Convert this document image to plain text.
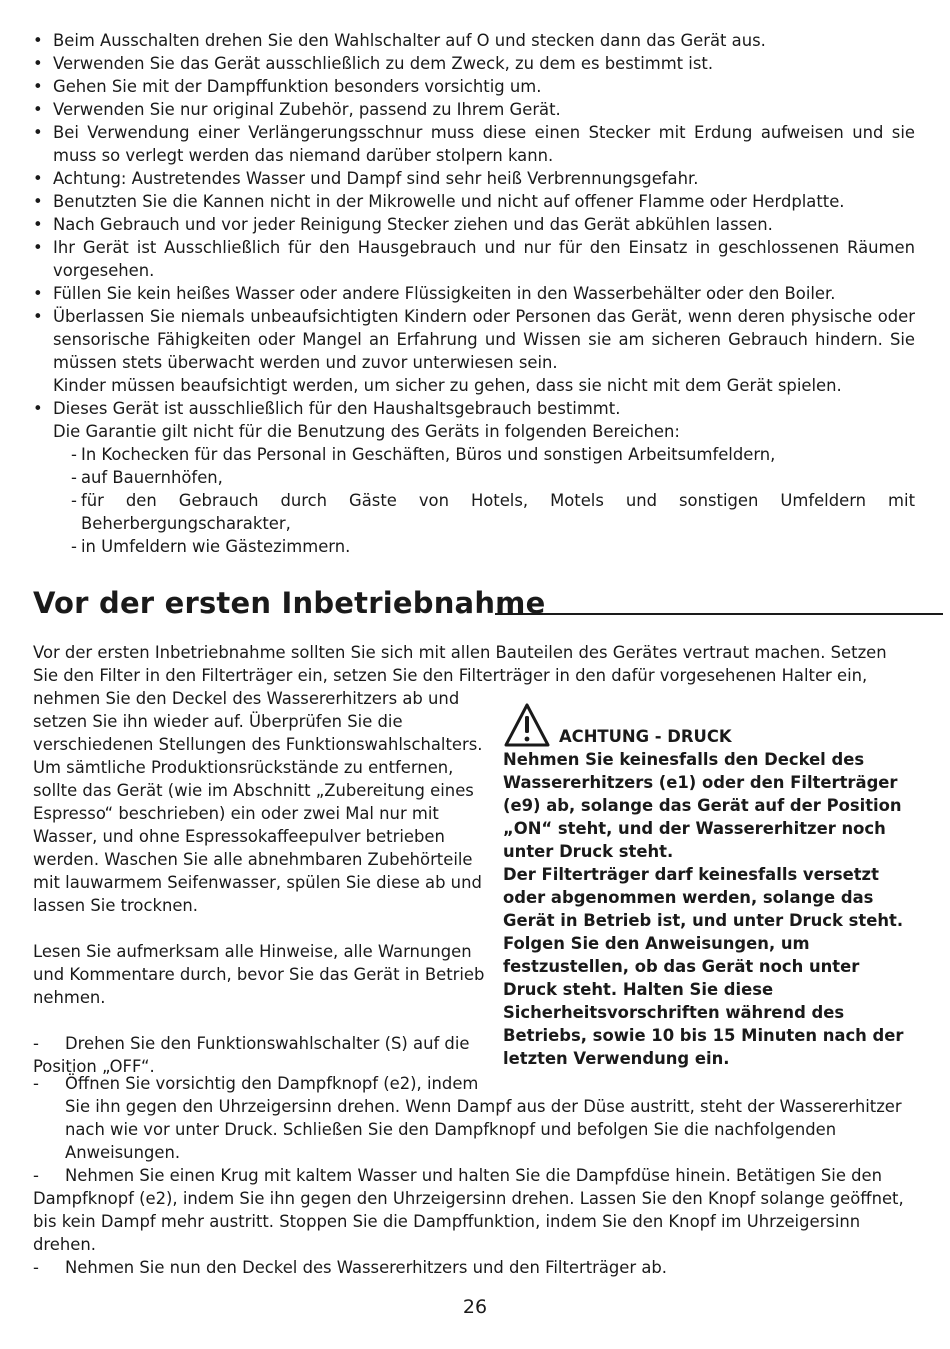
• Beim Ausschalten drehen Sie den Wahlschalter auf O und stecken dann das Gerät aus.
• Verwenden Sie das Gerät ausschließlich zu dem Zweck, zu dem es bestimmt ist.
• Gehen Sie mit der Dampffunktion besonders vorsichtig um.
• Verwenden Sie nur original Zubehör, passend zu Ihrem Gerät.
• Bei Verwendung einer Verlängerungsschnur muss diese einen Stecker mit Erdung aufweisen und sie muss so verlegt werden das niemand darüber stolpern kann.
• Achtung: Austretendes Wasser und Dampf sind sehr heiß Verbrennungsgefahr.
• Benutzten Sie die Kannen nicht in der Mikrowelle und nicht auf offener Flamme oder Herdplatte.
• Nach Gebrauch und vor jeder Reinigung Stecker ziehen und das Gerät abkühlen lassen.
• Ihr Gerät ist Ausschließlich für den Hausgebrauch und nur für den Einsatz in geschlossenen Räumen vorgesehen.
• Füllen Sie kein heißes Wasser oder andere Flüssigkeiten in den Wasserbehälter oder den Boiler.
• Überlassen Sie niemals unbeaufsichtigten Kindern oder Personen das Gerät, wenn deren physische oder sensorische Fähigkeiten oder Mangel an Erfahrung und Wissen sie am sicheren Gebrauch hindern. Sie müssen stets überwacht werden und zuvor unterwiesen sein.
Kinder müssen beaufsichtigt werden, um sicher zu gehen, dass sie nicht mit dem Gerät spielen.
• Dieses Gerät ist ausschließlich für den Haushaltsgebrauch bestimmt.
Die Garantie gilt nicht für die Benutzung des Geräts in folgenden Bereichen:
- In Kochecken für das Personal in Geschäften, Büros und sonstigen Arbeitsumfeldern,
- auf Bauernhöfen,
- für den Gebrauch durch Gäste von Hotels, Motels und sonstigen Umfeldern mit Beherbergungscharakter,
- in Umfeldern wie Gästezimmern.
Vor der ersten Inbetriebnahme
Vor der ersten Inbetriebnahme sollten Sie sich mit allen Bauteilen des Gerätes vertraut machen. Setzen Sie den Filter in den Filterträger ein, setzen Sie den Filterträger in den dafür vorgesehenen Halter ein,
nehmen Sie den Deckel des Wassererhitzers ab und setzen Sie ihn wieder auf. Überprüfen Sie die verschiedenen Stellungen des Funktionswahlschalters. Um sämtliche Produktionsrückstände zu entfernen, sollte das Gerät (wie im Abschnitt „Zubereitung eines Espresso“ beschrieben) ein oder zwei Mal nur mit Wasser, und ohne Espressokaffeepulver betrieben werden. Waschen Sie alle abnehmbaren Zubehörteile mit lauwarmem Seifenwasser, spülen Sie diese ab und lassen Sie trocknen.
Lesen Sie aufmerksam alle Hinweise, alle Warnungen und Kommentare durch, bevor Sie das Gerät in Betrieb nehmen.
- Drehen Sie den Funktionswahlschalter (S) auf die Position „OFF“.
ACHTUNG - DRUCK
Nehmen Sie keinesfalls den Deckel des Wassererhitzers (e1) oder den Filterträger (e9) ab, solange das Gerät auf der Position „ON“ steht, und der Wassererhitzer noch unter Druck steht.
Der Filterträger darf keinesfalls versetzt oder abgenommen werden, solange das Gerät in Betrieb ist, und unter Druck steht.
Folgen Sie den Anweisungen, um festzustellen, ob das Gerät noch unter Druck steht. Halten Sie diese Sicherheitsvorschriften während des Betriebs, sowie 10 bis 15 Minuten nach der letzten Verwendung ein.
- Öffnen Sie vorsichtig den Dampfknopf (e2), indem
Sie ihn gegen den Uhrzeigersinn drehen. Wenn Dampf aus der Düse austritt, steht der Wassererhitzer nach wie vor unter Druck. Schließen Sie den Dampfknopf und befolgen Sie die nachfolgenden Anweisungen.
- Nehmen Sie einen Krug mit kaltem Wasser und halten Sie die Dampfdüse hinein. Betätigen Sie den Dampfknopf (e2), indem Sie ihn gegen den Uhrzeigersinn drehen. Lassen Sie den Knopf solange geöffnet, bis kein Dampf mehr austritt. Stoppen Sie die Dampffunktion, indem Sie den Knopf im Uhrzeigersinn drehen.
- Nehmen Sie nun den Deckel des Wassererhitzers und den Filterträger ab.
26
